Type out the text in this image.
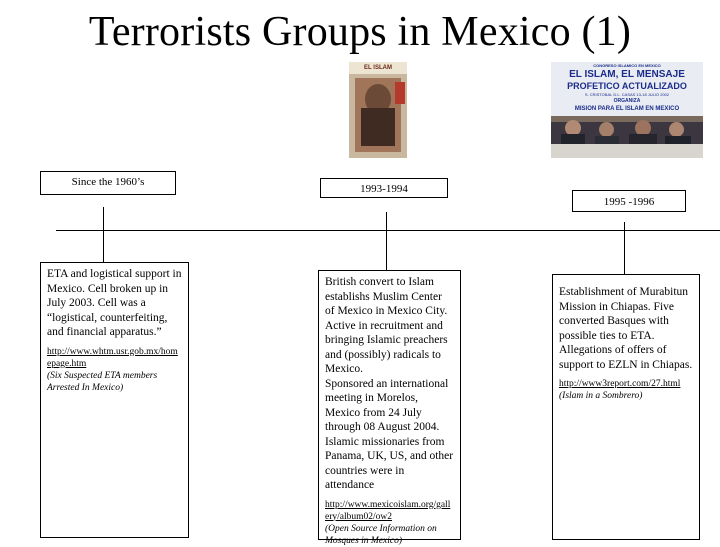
Terrorists Groups in Mexico (1)
EL ISLAM	CONGRESO ISLAMICO EN MEXICO
EL ISLAM, EL MENSAJE
PROFETICO ACTUALIZADO
S. CRISTOBAL D.L. CASAS 13-18 JULIO 2002
ORGANIZA
MISION PARA EL ISLAM EN MEXICO
Since the 1960’s
1993-1994
1995 -1996

ETA and logistical support in Mexico. Cell broken up in July 2003. Cell was a “logistical, counterfeiting, and financial apparatus.”

http://www.whtm.usr.gob.mx/hom epage.htm
(Six Suspected ETA members Arrested In Mexico)

British convert to Islam establishs Muslim Center of Mexico in Mexico City. Active in recruitment and bringing Islamic preachers and (possibly) radicals to Mexico.

Sponsored an international meeting in Morelos, Mexico from 24 July through 08 August 2004. Islamic missionaries from Panama, UK, US, and other countries were in attendance

http://www.mexicoislam.org/gallery/album02/ow2
(Open Source Information on Mosques in Mexico)

Establishment of Murabitun Mission in Chiapas. Five converted Basques with possible ties to ETA. Allegations of offers of support to EZLN in Chiapas.

http://www3report.com/27.html
(Islam in a Sombrero)
